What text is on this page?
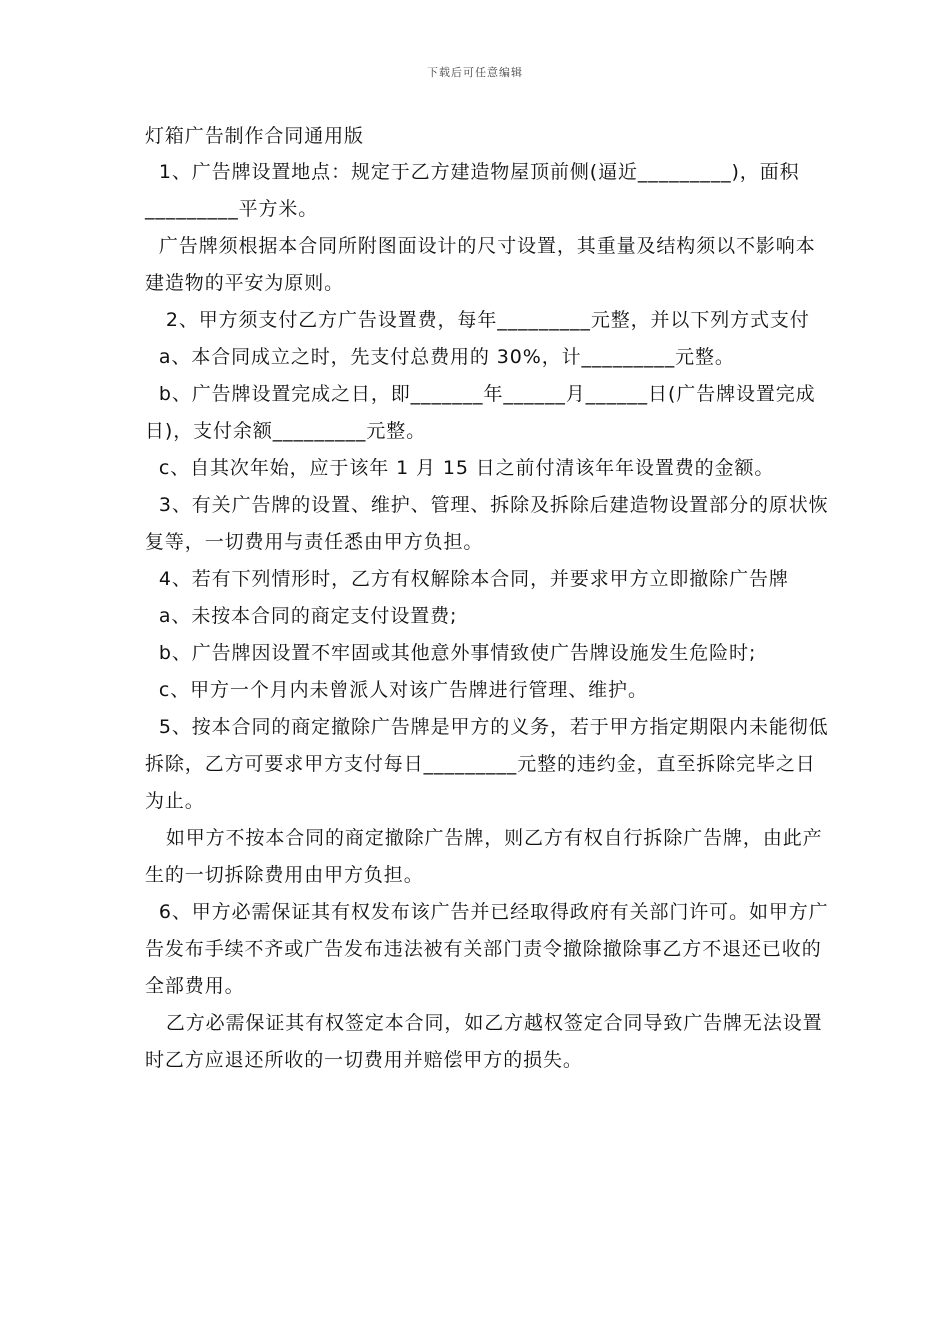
下载后可任意编辑
灯箱广告制作合同通用版

1、广告牌设置地点：规定于乙方建造物屋顶前侧(逼近_________)，面积_________平方米。

广告牌须根据本合同所附图面设计的尺寸设置，其重量及结构须以不影响本建造物的平安为原则。

2、甲方须支付乙方广告设置费，每年_________元整，并以下列方式支付

a、本合同成立之时，先支付总费用的 30%，计_________元整。

b、广告牌设置完成之日，即_______年______月______日(广告牌设置完成日)，支付余额_________元整。

c、自其次年始，应于该年 1 月 15 日之前付清该年年设置费的金额。

3、有关广告牌的设置、维护、管理、拆除及拆除后建造物设置部分的原状恢复等，一切费用与责任悉由甲方负担。

4、若有下列情形时，乙方有权解除本合同，并要求甲方立即撤除广告牌

a、未按本合同的商定支付设置费;

b、广告牌因设置不牢固或其他意外事情致使广告牌设施发生危险时;

c、甲方一个月内未曾派人对该广告牌进行管理、维护。

5、按本合同的商定撤除广告牌是甲方的义务，若于甲方指定期限内未能彻低拆除，乙方可要求甲方支付每日_________元整的违约金，直至拆除完毕之日为止。

如甲方不按本合同的商定撤除广告牌，则乙方有权自行拆除广告牌，由此产生的一切拆除费用由甲方负担。

6、甲方必需保证其有权发布该广告并已经取得政府有关部门许可。如甲方广告发布手续不齐或广告发布违法被有关部门责令撤除撤除事乙方不退还已收的全部费用。

乙方必需保证其有权签定本合同，如乙方越权签定合同导致广告牌无法设置时乙方应退还所收的一切费用并赔偿甲方的损失。
